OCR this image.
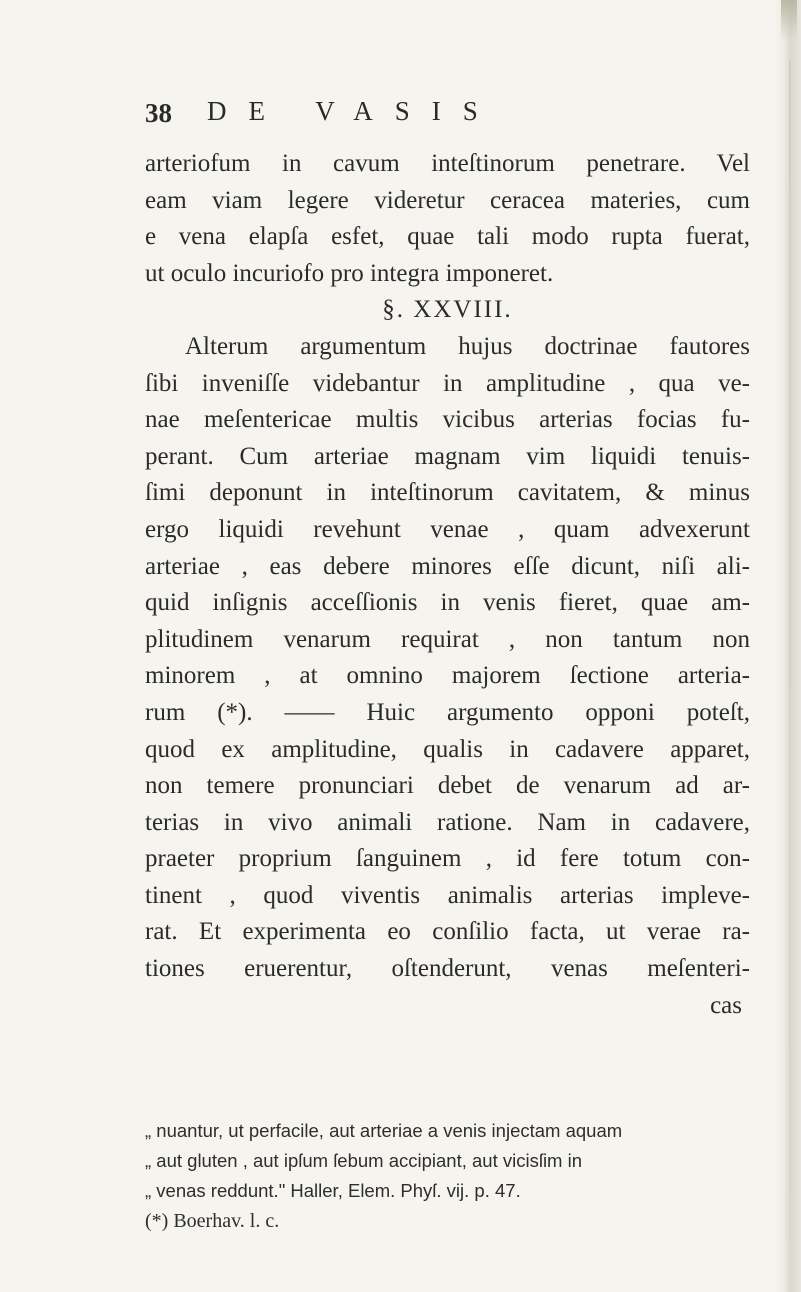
38 DE VASIS
arteriofum in cavum inteſtinorum penetrare. Vel
eam viam legere videretur ceracea materies, cum
e vena elapſa esfet, quae tali modo rupta fuerat,
ut oculo incuriofo pro integra imponeret.
§. XXVIII.
Alterum argumentum hujus doctrinae fautores
ſibi inveniſſe videbantur in amplitudine , qua ve-
nae meſentericae multis vicibus arterias focias fu-
perant. Cum arteriae magnam vim liquidi tenuis-
ſimi deponunt in inteſtinorum cavitatem, & minus
ergo liquidi revehunt venae , quam advexerunt
arteriae , eas debere minores eſſe dicunt, niſi ali-
quid inſignis acceſſionis in venis fieret, quae am-
plitudinem venarum requirat , non tantum non
minorem , at omnino majorem ſectione arteria-
rum (*). —— Huic argumento opponi poteſt,
quod ex amplitudine, qualis in cadavere apparet,
non temere pronunciari debet de venarum ad ar-
terias in vivo animali ratione. Nam in cadavere,
praeter proprium ſanguinem , id fere totum con-
tinent , quod viventis animalis arterias impleve-
rat. Et experimenta eo conſilio facta, ut verae ra-
tiones eruerentur, oſtenderunt, venas meſenteri-
cas
„ nuantur, ut perfacile, aut arteriae a venis injectam aquam
„ aut gluten , aut ipſum ſebum accipiant, aut vicisſim in
„ venas reddunt." Haller, Elem. Phyſ. vij. p. 47.
(*) Boerhav. l. c.
